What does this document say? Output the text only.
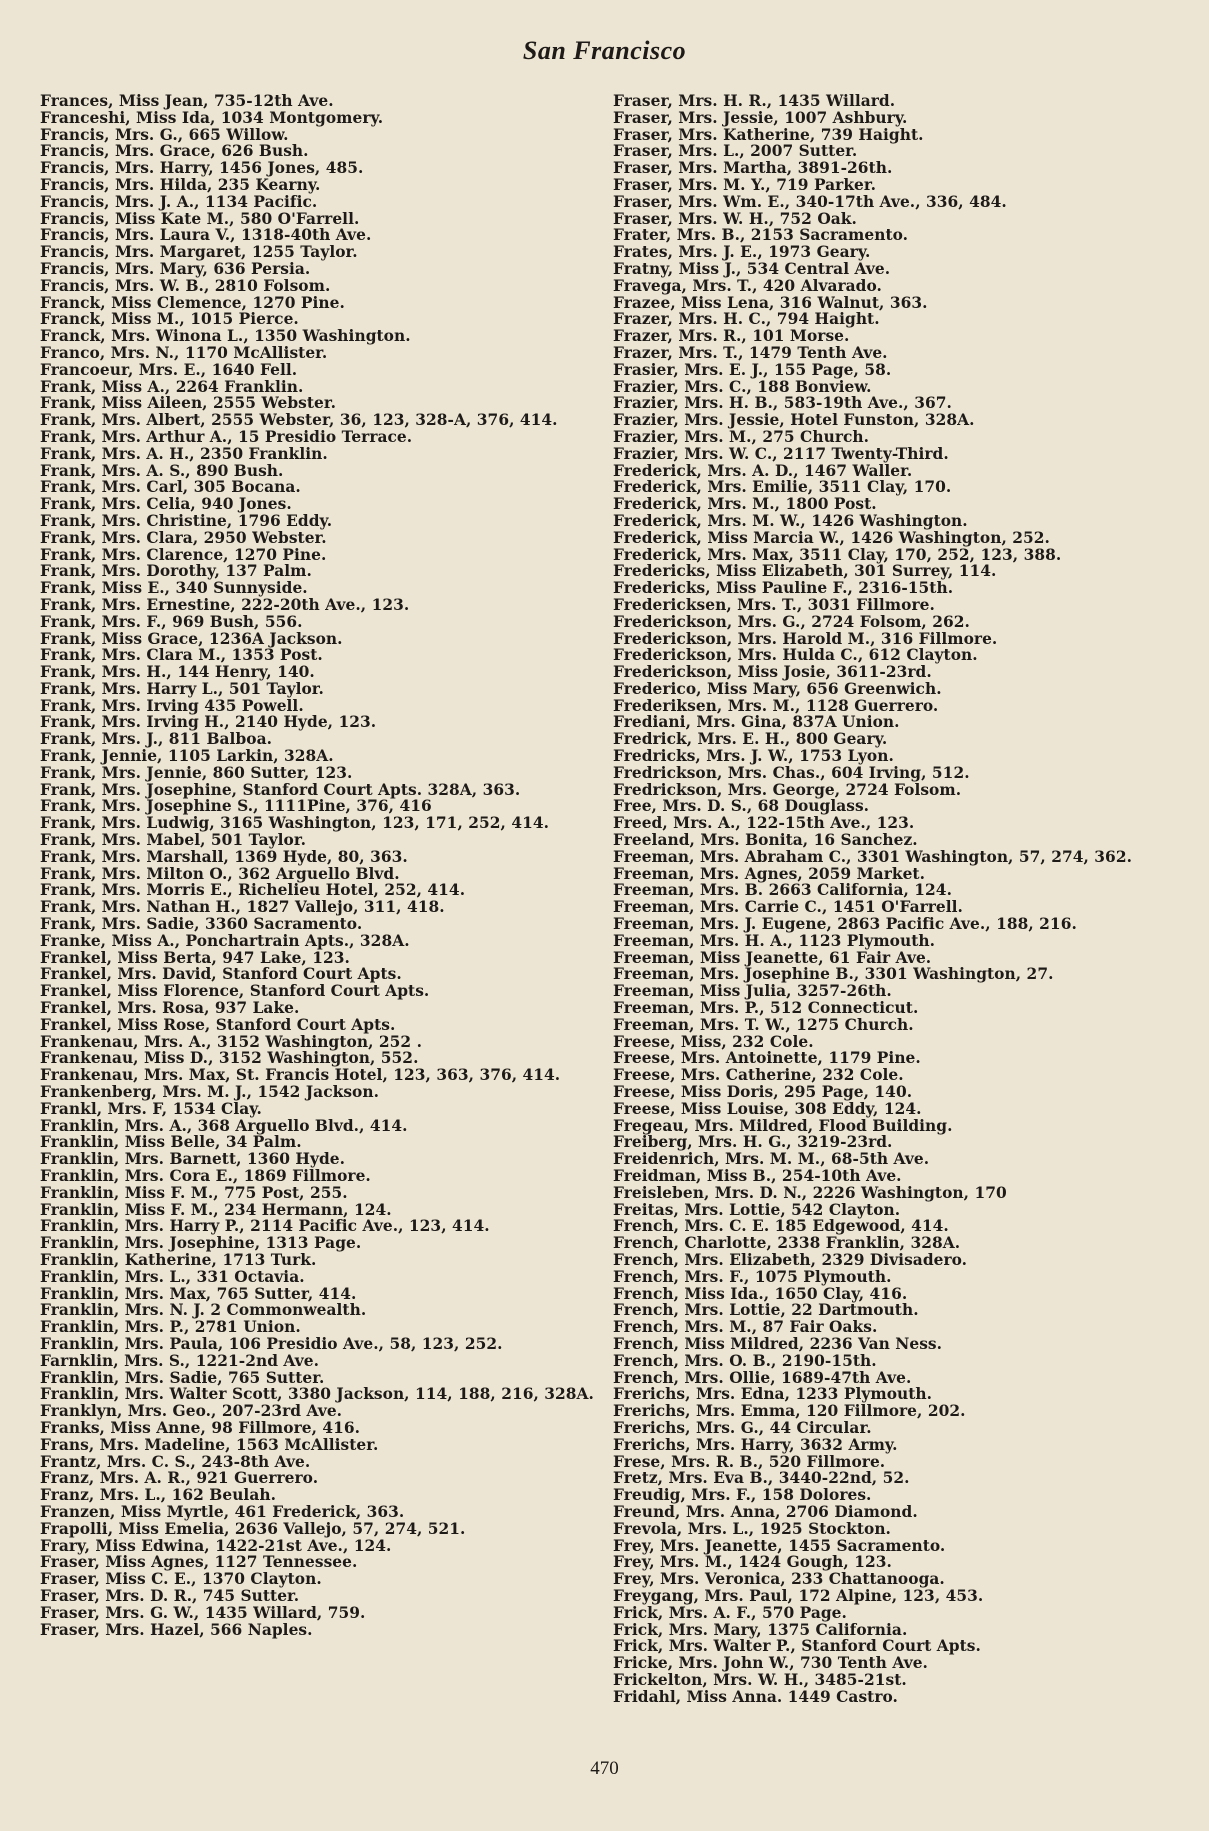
San Francisco
Frances, Miss Jean, 735-12th Ave.
Franceshi, Miss Ida, 1034 Montgomery.
Francis, Mrs. G., 665 Willow.
Francis, Mrs. Grace, 626 Bush.
Francis, Mrs. Harry, 1456 Jones, 485.
Francis, Mrs. Hilda, 235 Kearny.
Francis, Mrs. J. A., 1134 Pacific.
Francis, Miss Kate M., 580 O'Farrell.
Francis, Mrs. Laura V., 1318-40th Ave.
Francis, Mrs. Margaret, 1255 Taylor.
Francis, Mrs. Mary, 636 Persia.
Francis, Mrs. W. B., 2810 Folsom.
Franck, Miss Clemence, 1270 Pine.
Franck, Miss M., 1015 Pierce.
Franck, Mrs. Winona L., 1350 Washington.
Franco, Mrs. N., 1170 McAllister.
Francoeur, Mrs. E., 1640 Fell.
Frank, Miss A., 2264 Franklin.
Frank, Miss Aileen, 2555 Webster.
Frank, Mrs. Albert, 2555 Webster, 36, 123, 328-A, 376, 414.
Frank, Mrs. Arthur A., 15 Presidio Terrace.
Frank, Mrs. A. H., 2350 Franklin.
Frank, Mrs. A. S., 890 Bush.
Frank, Mrs. Carl, 305 Bocana.
Frank, Mrs. Celia, 940 Jones.
Frank, Mrs. Christine, 1796 Eddy.
Frank, Mrs. Clara, 2950 Webster.
Frank, Mrs. Clarence, 1270 Pine.
Frank, Mrs. Dorothy, 137 Palm.
Frank, Miss E., 340 Sunnyside.
Frank, Mrs. Ernestine, 222-20th Ave., 123.
Frank, Mrs. F., 969 Bush, 556.
Frank, Miss Grace, 1236A Jackson.
Frank, Mrs. Clara M., 1353 Post.
Frank, Mrs. H., 144 Henry, 140.
Frank, Mrs. Harry L., 501 Taylor.
Frank, Mrs. Irving 435 Powell.
Frank, Mrs. Irving H., 2140 Hyde, 123.
Frank, Mrs. J., 811 Balboa.
Frank, Jennie, 1105 Larkin, 328A.
Frank, Mrs. Jennie, 860 Sutter, 123.
Frank, Mrs. Josephine, Stanford Court Apts. 328A, 363.
Frank, Mrs. Josephine S., 1111Pine, 376, 416
Frank, Mrs. Ludwig, 3165 Washington, 123, 171, 252, 414.
Frank, Mrs. Mabel, 501 Taylor.
Frank, Mrs. Marshall, 1369 Hyde, 80, 363.
Frank, Mrs. Milton O., 362 Arguello Blvd.
Frank, Mrs. Morris E., Richelieu Hotel, 252, 414.
Frank, Mrs. Nathan H., 1827 Vallejo, 311, 418.
Frank, Mrs. Sadie, 3360 Sacramento.
Franke, Miss A., Ponchartrain Apts., 328A.
Frankel, Miss Berta, 947 Lake, 123.
Frankel, Mrs. David, Stanford Court Apts.
Frankel, Miss Florence, Stanford Court Apts.
Frankel, Mrs. Rosa, 937 Lake.
Frankel, Miss Rose, Stanford Court Apts.
Frankenau, Mrs. A., 3152 Washington, 252 .
Frankenau, Miss D., 3152 Washington, 552.
Frankenau, Mrs. Max, St. Francis Hotel, 123, 363, 376, 414.
Frankenberg, Mrs. M. J., 1542 Jackson.
Frankl, Mrs. F, 1534 Clay.
Franklin, Mrs. A., 368 Arguello Blvd., 414.
Franklin, Miss Belle, 34 Palm.
Franklin, Mrs. Barnett, 1360 Hyde.
Franklin, Mrs. Cora E., 1869 Fillmore.
Franklin, Miss F. M., 775 Post, 255.
Franklin, Miss F. M., 234 Hermann, 124.
Franklin, Mrs. Harry P., 2114 Pacific Ave., 123, 414.
Franklin, Mrs. Josephine, 1313 Page.
Franklin, Katherine, 1713 Turk.
Franklin, Mrs. L., 331 Octavia.
Franklin, Mrs. Max, 765 Sutter, 414.
Franklin, Mrs. N. J. 2 Commonwealth.
Franklin, Mrs. P., 2781 Union.
Franklin, Mrs. Paula, 106 Presidio Ave., 58, 123, 252.
Farnklin, Mrs. S., 1221-2nd Ave.
Franklin, Mrs. Sadie, 765 Sutter.
Franklin, Mrs. Walter Scott, 3380 Jackson, 114, 188, 216, 328A.
Franklyn, Mrs. Geo., 207-23rd Ave.
Franks, Miss Anne, 98 Fillmore, 416.
Frans, Mrs. Madeline, 1563 McAllister.
Frantz, Mrs. C. S., 243-8th Ave.
Franz, Mrs. A. R., 921 Guerrero.
Franz, Mrs. L., 162 Beulah.
Franzen, Miss Myrtle, 461 Frederick, 363.
Frapolli, Miss Emelia, 2636 Vallejo, 57, 274, 521.
Frary, Miss Edwina, 1422-21st Ave., 124.
Fraser, Miss Agnes, 1127 Tennessee.
Fraser, Miss C. E., 1370 Clayton.
Fraser, Mrs. D. R., 745 Sutter.
Fraser, Mrs. G. W., 1435 Willard, 759.
Fraser, Mrs. Hazel, 566 Naples.
Fraser, Mrs. H. R., 1435 Willard.
Fraser, Mrs. Jessie, 1007 Ashbury.
Fraser, Mrs. Katherine, 739 Haight.
Fraser, Mrs. L., 2007 Sutter.
Fraser, Mrs. Martha, 3891-26th.
Fraser, Mrs. M. Y., 719 Parker.
Fraser, Mrs. Wm. E., 340-17th Ave., 336, 484.
Fraser, Mrs. W. H., 752 Oak.
Frater, Mrs. B., 2153 Sacramento.
Frates, Mrs. J. E., 1973 Geary.
Fratny, Miss J., 534 Central Ave.
Fravega, Mrs. T., 420 Alvarado.
Frazee, Miss Lena, 316 Walnut, 363.
Frazer, Mrs. H. C., 794 Haight.
Frazer, Mrs. R., 101 Morse.
Frazer, Mrs. T., 1479 Tenth Ave.
Frasier, Mrs. E. J., 155 Page, 58.
Frazier, Mrs. C., 188 Bonview.
Frazier, Mrs. H. B., 583-19th Ave., 367.
Frazier, Mrs. Jessie, Hotel Funston, 328A.
Frazier, Mrs. M., 275 Church.
Frazier, Mrs. W. C., 2117 Twenty-Third.
Frederick, Mrs. A. D., 1467 Waller.
Frederick, Mrs. Emilie, 3511 Clay, 170.
Frederick, Mrs. M., 1800 Post.
Frederick, Mrs. M. W., 1426 Washington.
Frederick, Miss Marcia W., 1426 Washington, 252.
Frederick, Mrs. Max, 3511 Clay, 170, 252, 123, 388.
Fredericks, Miss Elizabeth, 301 Surrey, 114.
Fredericks, Miss Pauline F., 2316-15th.
Fredericksen, Mrs. T., 3031 Fillmore.
Frederickson, Mrs. G., 2724 Folsom, 262.
Frederickson, Mrs. Harold M., 316 Fillmore.
Frederickson, Mrs. Hulda C., 612 Clayton.
Frederickson, Miss Josie, 3611-23rd.
Frederico, Miss Mary, 656 Greenwich.
Frederiksen, Mrs. M., 1128 Guerrero.
Frediani, Mrs. Gina, 837A Union.
Fredrick, Mrs. E. H., 800 Geary.
Fredricks, Mrs. J. W., 1753 Lyon.
Fredrickson, Mrs. Chas., 604 Irving, 512.
Fredrickson, Mrs. George, 2724 Folsom.
Free, Mrs. D. S., 68 Douglass.
Freed, Mrs. A., 122-15th Ave., 123.
Freeland, Mrs. Bonita, 16 Sanchez.
Freeman, Mrs. Abraham C., 3301 Washington, 57, 274, 362.
Freeman, Mrs. Agnes, 2059 Market.
Freeman, Mrs. B. 2663 California, 124.
Freeman, Mrs. Carrie C., 1451 O'Farrell.
Freeman, Mrs. J. Eugene, 2863 Pacific Ave., 188, 216.
Freeman, Mrs. H. A., 1123 Plymouth.
Freeman, Miss Jeanette, 61 Fair Ave.
Freeman, Mrs. Josephine B., 3301 Washington, 27.
Freeman, Miss Julia, 3257-26th.
Freeman, Mrs. P., 512 Connecticut.
Freeman, Mrs. T. W., 1275 Church.
Freese, Miss, 232 Cole.
Freese, Mrs. Antoinette, 1179 Pine.
Freese, Mrs. Catherine, 232 Cole.
Freese, Miss Doris, 295 Page, 140.
Freese, Miss Louise, 308 Eddy, 124.
Fregeau, Mrs. Mildred, Flood Building.
Freiberg, Mrs. H. G., 3219-23rd.
Freidenrich, Mrs. M. M., 68-5th Ave.
Freidman, Miss B., 254-10th Ave.
Freisleben, Mrs. D. N., 2226 Washington, 170
Freitas, Mrs. Lottie, 542 Clayton.
French, Mrs. C. E. 185 Edgewood, 414.
French, Charlotte, 2338 Franklin, 328A.
French, Mrs. Elizabeth, 2329 Divisadero.
French, Mrs. F., 1075 Plymouth.
French, Miss Ida., 1650 Clay, 416.
French, Mrs. Lottie, 22 Dartmouth.
French, Mrs. M., 87 Fair Oaks.
French, Miss Mildred, 2236 Van Ness.
French, Mrs. O. B., 2190-15th.
French, Mrs. Ollie, 1689-47th Ave.
Frerichs, Mrs. Edna, 1233 Plymouth.
Frerichs, Mrs. Emma, 120 Fillmore, 202.
Frerichs, Mrs. G., 44 Circular.
Frerichs, Mrs. Harry, 3632 Army.
Frese, Mrs. R. B., 520 Fillmore.
Fretz, Mrs. Eva B., 3440-22nd, 52.
Freudig, Mrs. F., 158 Dolores.
Freund, Mrs. Anna, 2706 Diamond.
Frevola, Mrs. L., 1925 Stockton.
Frey, Mrs. Jeanette, 1455 Sacramento.
Frey, Mrs. M., 1424 Gough, 123.
Frey, Mrs. Veronica, 233 Chattanooga.
Freygang, Mrs. Paul, 172 Alpine, 123, 453.
Frick, Mrs. A. F., 570 Page.
Frick, Mrs. Mary, 1375 California.
Frick, Mrs. Walter P., Stanford Court Apts.
Fricke, Mrs. John W., 730 Tenth Ave.
Frickelton, Mrs. W. H., 3485-21st.
Fridahl, Miss Anna. 1449 Castro.
470
